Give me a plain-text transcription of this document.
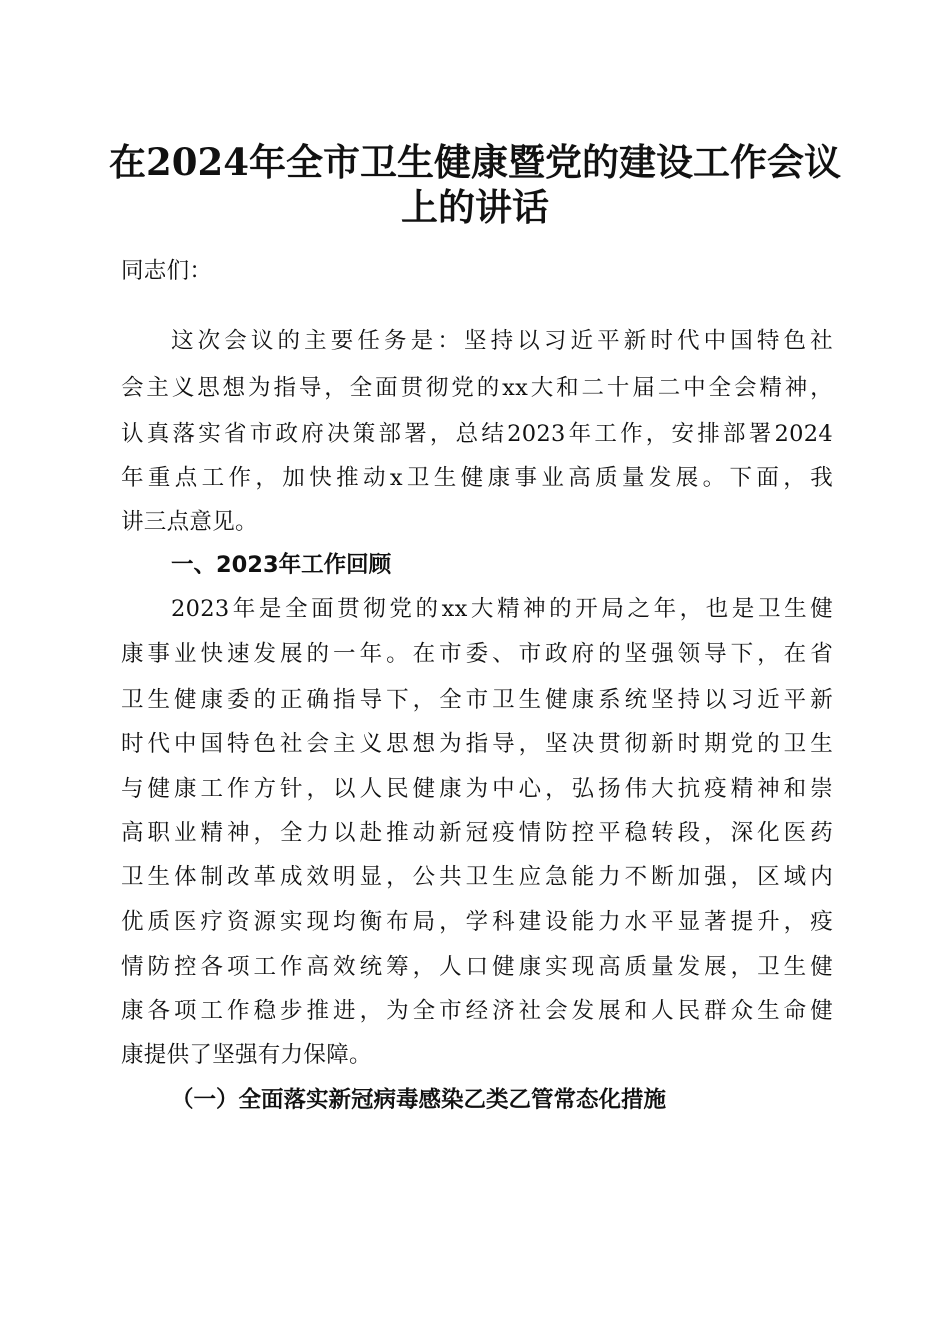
在2024年全市卫生健康暨党的建设工作会议
上的讲话
同志们：
这次会议的主要任务是：坚持以习近平新时代中国特色社
会主义思想为指导，全面贯彻党的xx大和二十届二中全会精神，
认真落实省市政府决策部署，总结2023年工作，安排部署2024
年重点工作，加快推动x卫生健康事业高质量发展。下面，我
讲三点意见。
一、2023年工作回顾
2023年是全面贯彻党的xx大精神的开局之年，也是卫生健
康事业快速发展的一年。在市委、市政府的坚强领导下，在省
卫生健康委的正确指导下，全市卫生健康系统坚持以习近平新
时代中国特色社会主义思想为指导，坚决贯彻新时期党的卫生
与健康工作方针，以人民健康为中心，弘扬伟大抗疫精神和崇
高职业精神，全力以赴推动新冠疫情防控平稳转段，深化医药
卫生体制改革成效明显，公共卫生应急能力不断加强，区域内
优质医疗资源实现均衡布局，学科建设能力水平显著提升，疫
情防控各项工作高效统筹，人口健康实现高质量发展，卫生健
康各项工作稳步推进，为全市经济社会发展和人民群众生命健
康提供了坚强有力保障。
（一）全面落实新冠病毒感染乙类乙管常态化措施
